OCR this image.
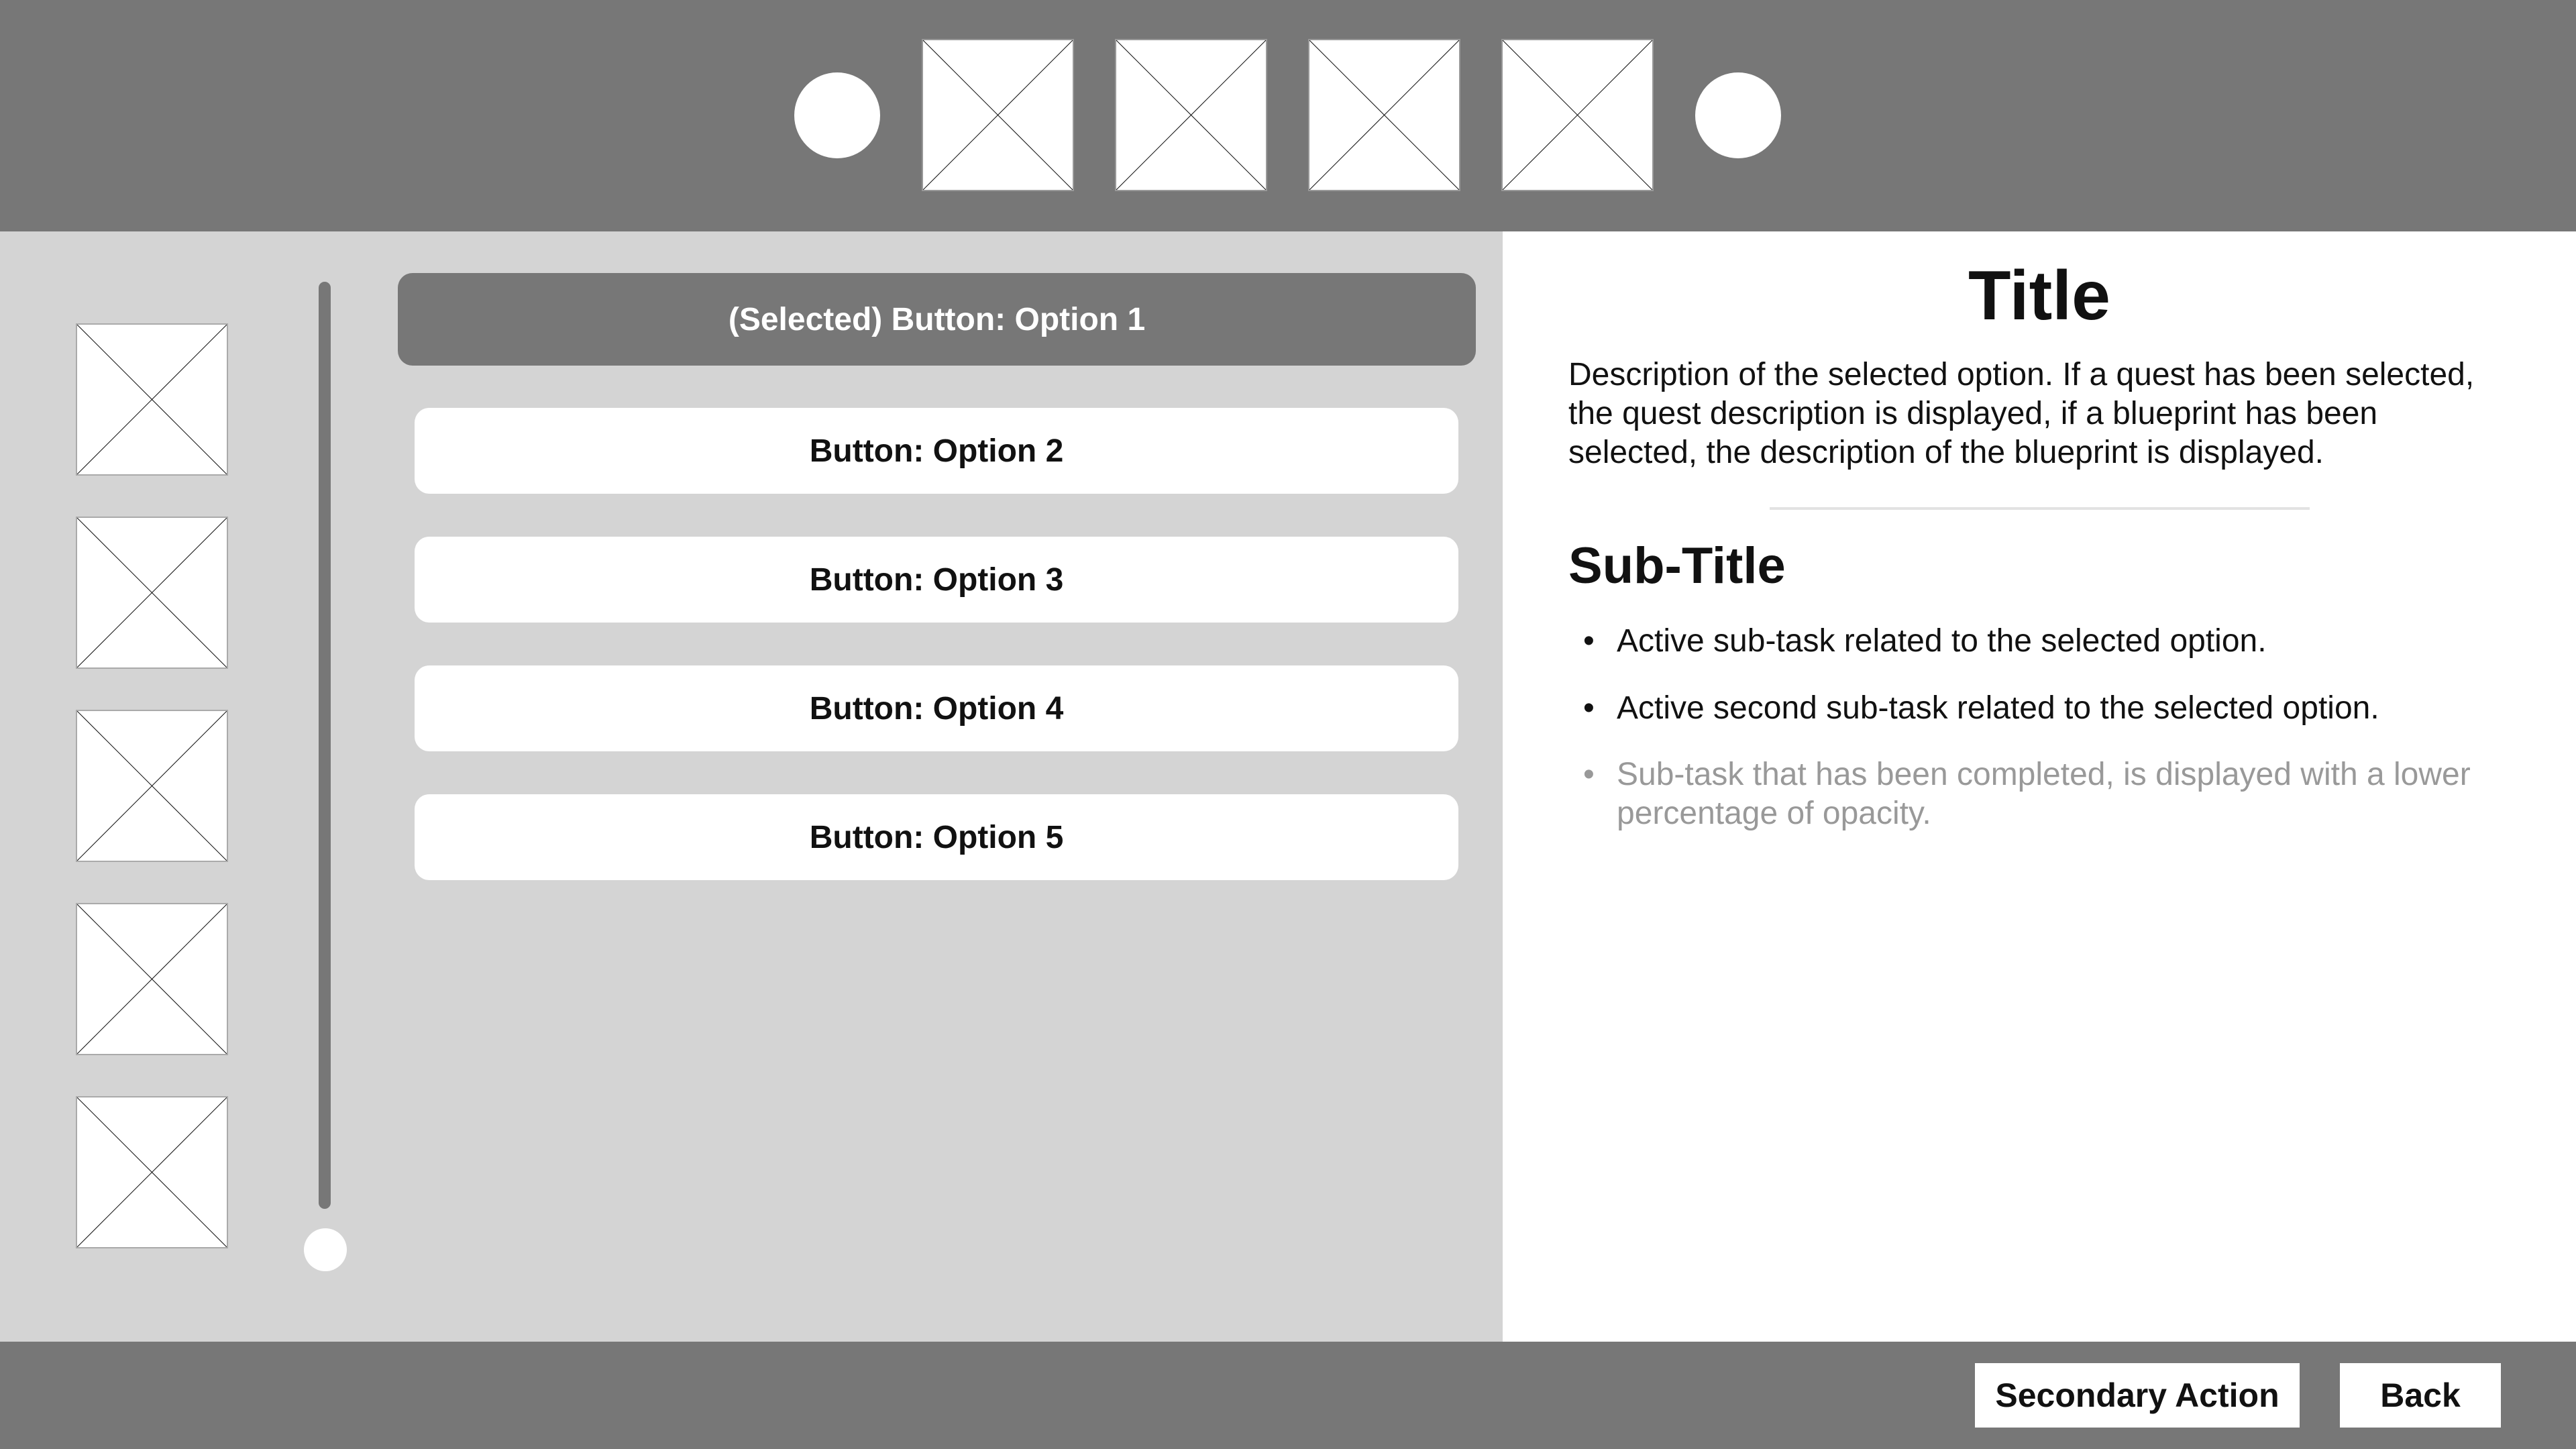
(Selected) Button: Option 1
Button: Option 2
Button: Option 3
Button: Option 4
Button: Option 5
Title
Description of the selected option. If a quest has been selected, the quest description is displayed, if a blueprint has been selected, the description of the blueprint is displayed.
Sub-Title
• Active sub-task related to the selected option.
• Active second sub-task related to the selected option.
• Sub-task that has been completed, is displayed with a lower percentage of opacity.
Secondary Action	Back
